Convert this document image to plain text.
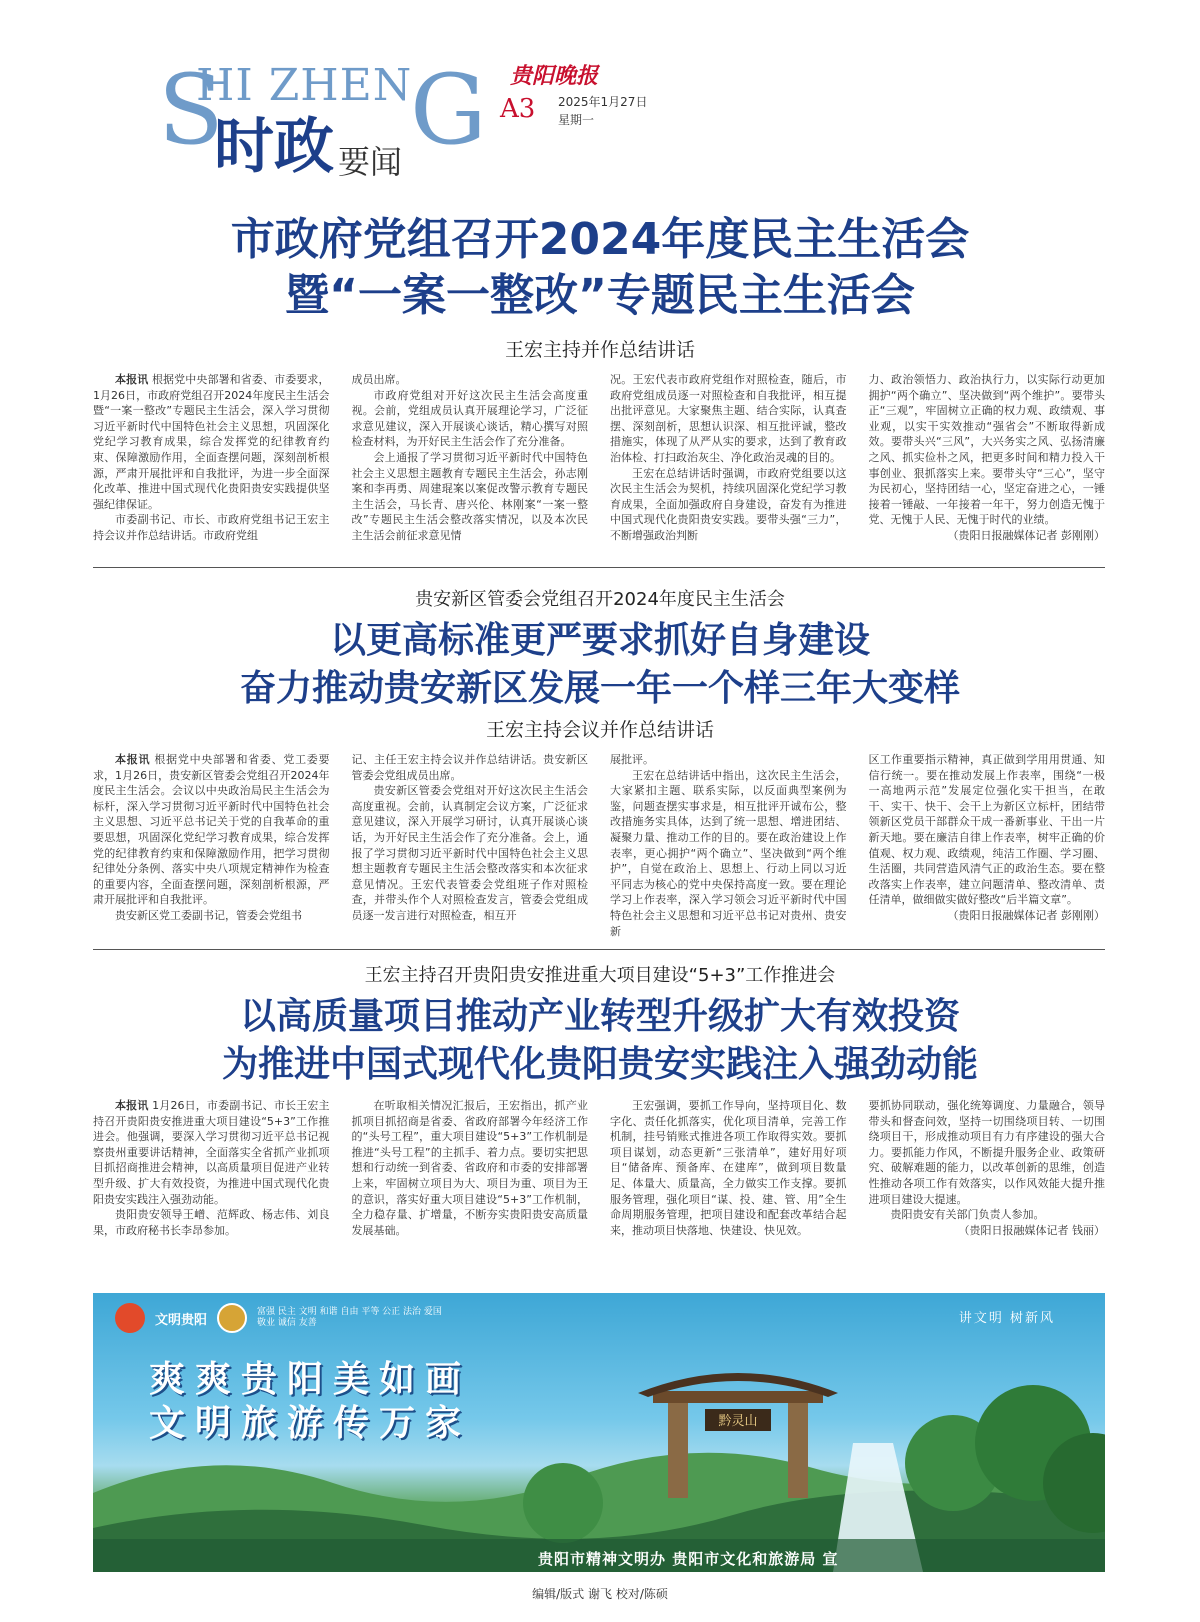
S
HI ZHEN
G
时政 要闻
贵阳晚报
A3 2025年1月27日
星期一
市政府党组召开2024年度民主生活会
暨“一案一整改”专题民主生活会
王宏主持并作总结讲话

本报讯 根据党中央部署和省委、市委要求，1月26日，市政府党组召开2024年度民主生活会暨“一案一整改”专题民主生活会，深入学习贯彻习近平新时代中国特色社会主义思想，巩固深化党纪学习教育成果，综合发挥党的纪律教育约束、保障激励作用，全面查摆问题，深刻剖析根源，严肃开展批评和自我批评，为进一步全面深化改革、推进中国式现代化贵阳贵安实践提供坚强纪律保证。

市委副书记、市长、市政府党组书记王宏主持会议并作总结讲话。市政府党组

成员出席。

市政府党组对开好这次民主生活会高度重视。会前，党组成员认真开展理论学习，广泛征求意见建议，深入开展谈心谈话，精心撰写对照检查材料，为开好民主生活会作了充分准备。

会上通报了学习贯彻习近平新时代中国特色社会主义思想主题教育专题民主生活会，孙志刚案和李再勇、周建琨案以案促改警示教育专题民主生活会，马长青、唐兴伦、林刚案“一案一整改”专题民主生活会整改落实情况，以及本次民主生活会前征求意见情

况。王宏代表市政府党组作对照检查，随后，市政府党组成员逐一对照检查和自我批评，相互提出批评意见。大家聚焦主题、结合实际，认真查摆、深刻剖析，思想认识深、相互批评诚，整改措施实，体现了从严从实的要求，达到了教育政治体检、打扫政治灰尘、净化政治灵魂的目的。

王宏在总结讲话时强调，市政府党组要以这次民主生活会为契机，持续巩固深化党纪学习教育成果，全面加强政府自身建设，奋发有为推进中国式现代化贵阳贵安实践。要带头强“三力”，不断增强政治判断

力、政治领悟力、政治执行力，以实际行动更加拥护“两个确立”、坚决做到“两个维护”。要带头正“三观”，牢固树立正确的权力观、政绩观、事业观，以实干实效推动“强省会”不断取得新成效。要带头兴“三风”，大兴务实之风、弘扬清廉之风、抓实俭朴之风，把更多时间和精力投入干事创业、狠抓落实上来。要带头守“三心”，坚守为民初心，坚持团结一心，坚定奋进之心，一锤接着一锤敲、一年接着一年干，努力创造无愧于党、无愧于人民、无愧于时代的业绩。

（贵阳日报融媒体记者 彭刚刚）
贵安新区管委会党组召开2024年度民主生活会
以更高标准更严要求抓好自身建设
奋力推动贵安新区发展一年一个样三年大变样
王宏主持会议并作总结讲话

本报讯 根据党中央部署和省委、党工委要求，1月26日，贵安新区管委会党组召开2024年度民主生活会。会议以中央政治局民主生活会为标杆，深入学习贯彻习近平新时代中国特色社会主义思想、习近平总书记关于党的自我革命的重要思想，巩固深化党纪学习教育成果，综合发挥党的纪律教育约束和保障激励作用，把学习贯彻纪律处分条例、落实中央八项规定精神作为检查的重要内容，全面查摆问题，深刻剖析根源，严肃开展批评和自我批评。

贵安新区党工委副书记，管委会党组书

记、主任王宏主持会议并作总结讲话。贵安新区管委会党组成员出席。

贵安新区管委会党组对开好这次民主生活会高度重视。会前，认真制定会议方案，广泛征求意见建议，深入开展学习研讨，认真开展谈心谈话，为开好民主生活会作了充分准备。会上，通报了学习贯彻习近平新时代中国特色社会主义思想主题教育专题民主生活会整改落实和本次征求意见情况。王宏代表管委会党组班子作对照检查，并带头作个人对照检查发言，管委会党组成员逐一发言进行对照检查，相互开

展批评。

王宏在总结讲话中指出，这次民主生活会，大家紧扣主题、联系实际，以反面典型案例为鉴，问题查摆实事求是，相互批评开诚布公，整改措施务实具体，达到了统一思想、增进团结、凝聚力量、推动工作的目的。要在政治建设上作表率，更心拥护“两个确立”、坚决做到“两个维护”，自觉在政治上、思想上、行动上同以习近平同志为核心的党中央保持高度一致。要在理论学习上作表率，深入学习领会习近平新时代中国特色社会主义思想和习近平总书记对贵州、贵安新

区工作重要指示精神，真正做到学用用贯通、知信行统一。要在推动发展上作表率，围绕“一极一高地两示范”发展定位强化实干担当，在敢干、实干、快干、会干上为新区立标杆，团结带领新区党员干部群众干成一番新事业、干出一片新天地。要在廉洁自律上作表率，树牢正确的价值观、权力观、政绩观，纯洁工作圈、学习圈、生活圈，共同营造风清气正的政治生态。要在整改落实上作表率，建立问题清单、整改清单、责任清单，做细做实做好整改“后半篇文章”。

（贵阳日报融媒体记者 彭刚刚）
王宏主持召开贵阳贵安推进重大项目建设“5+3”工作推进会
以高质量项目推动产业转型升级扩大有效投资
为推进中国式现代化贵阳贵安实践注入强劲动能

本报讯 1月26日，市委副书记、市长王宏主持召开贵阳贵安推进重大项目建设“5+3”工作推进会。他强调，要深入学习贯彻习近平总书记视察贵州重要讲话精神，全面落实全省抓产业抓项目抓招商推进会精神，以高质量项目促进产业转型升级、扩大有效投资，为推进中国式现代化贵阳贵安实践注入强劲动能。

贵阳贵安领导王嶒、范辉政、杨志伟、刘良果，市政府秘书长李昂参加。

在听取相关情况汇报后，王宏指出，抓产业抓项目抓招商是省委、省政府部署今年经济工作的“头号工程”，重大项目建设“5+3”工作机制是推进“头号工程”的主抓手、着力点。要切实把思想和行动统一到省委、省政府和市委的安排部署上来，牢固树立项目为大、项目为重、项目为王的意识，落实好重大项目建设“5+3”工作机制，全力稳存量、扩增量，不断夯实贵阳贵安高质量发展基础。

王宏强调，要抓工作导向，坚持项目化、数字化、责任化抓落实，优化项目清单，完善工作机制，挂号销账式推进各项工作取得实效。要抓项目谋划，动态更新“三张清单”，建好用好项目“储备库、预备库、在建库”，做到项目数量足、体量大、质量高，全力做实工作支撑。要抓服务管理，强化项目“谋、投、建、管、用”全生命周期服务管理，把项目建设和配套改革结合起来，推动项目快落地、快建设、快见效。

要抓协同联动，强化统筹调度、力量融合，领导带头和督查问效，坚持一切围绕项目转、一切围绕项目干，形成推动项目有力有序建设的强大合力。要抓能力作风，不断提升服务企业、政策研究、破解难题的能力，以改革创新的思维，创造性推动各项工作有效落实，以作风效能大提升推进项目建设大提速。

贵阳贵安有关部门负责人参加。

（贵阳日报融媒体记者 钱丽）
黔灵山
文明贵阳
富强 民主 文明 和谐 自由 平等 公正 法治 爱国 敬业 诚信 友善	讲文明 树新风
爽爽贵阳美如画
文明旅游传万家
贵阳市精神文明办 贵阳市文化和旅游局 宣
编辑/版式 谢飞 校对/陈硕
